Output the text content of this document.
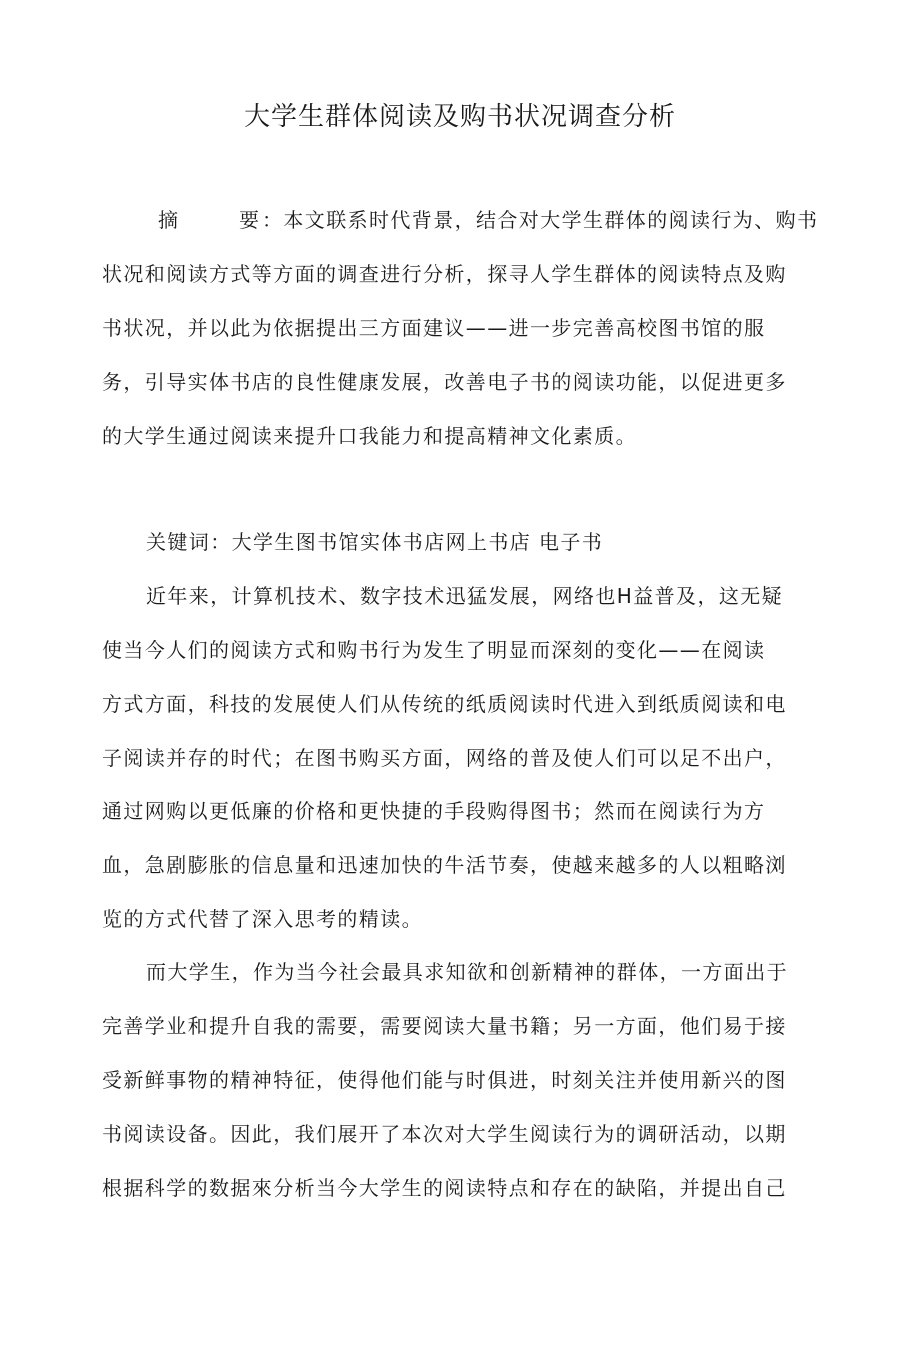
大学生群体阅读及购书状况调查分析
摘	要 ：本文联系时代背景，结合对大学生群体的阅读行为、购书
状况和阅读方式等方面的调查进行分析，探寻人学生群体的阅读特点及购
书状况，并以此为依据提出三方面建议——进一步完善高校图书馆的服
务，引导实体书店的良性健康发展，改善电子书的阅读功能，以促进更多
的大学生通过阅读来提升口我能力和提高精神文化素质。
关键词：大学生图书馆实体书店网上书店 电子书
近年来，计算机技术、数字技术迅猛发展，网络也H益普及，这无疑
使当今人们的阅读方式和购书行为发生了明显而深刻的变化——在阅读
方式方面，科技的发展使人们从传统的纸质阅读时代进入到纸质阅读和电
子阅读并存的时代；在图书购买方面，网络的普及使人们可以足不出户，
通过网购以更低廉的价格和更快捷的手段购得图书；然而在阅读行为方
血，急剧膨胀的信息量和迅速加快的牛活节奏，使越来越多的人以粗略浏
览的方式代替了深入思考的精读。
而大学生，作为当今社会最具求知欲和创新精神的群体，一方面出于
完善学业和提升自我的需要，需要阅读大量书籍；另一方面，他们易于接
受新鲜事物的精神特征，使得他们能与时俱进，时刻关注并使用新兴的图
书阅读设备。因此，我们展开了本次对大学生阅读行为的调研活动，以期
根据科学的数据來分析当今大学生的阅读特点和存在的缺陷，并提出自己
